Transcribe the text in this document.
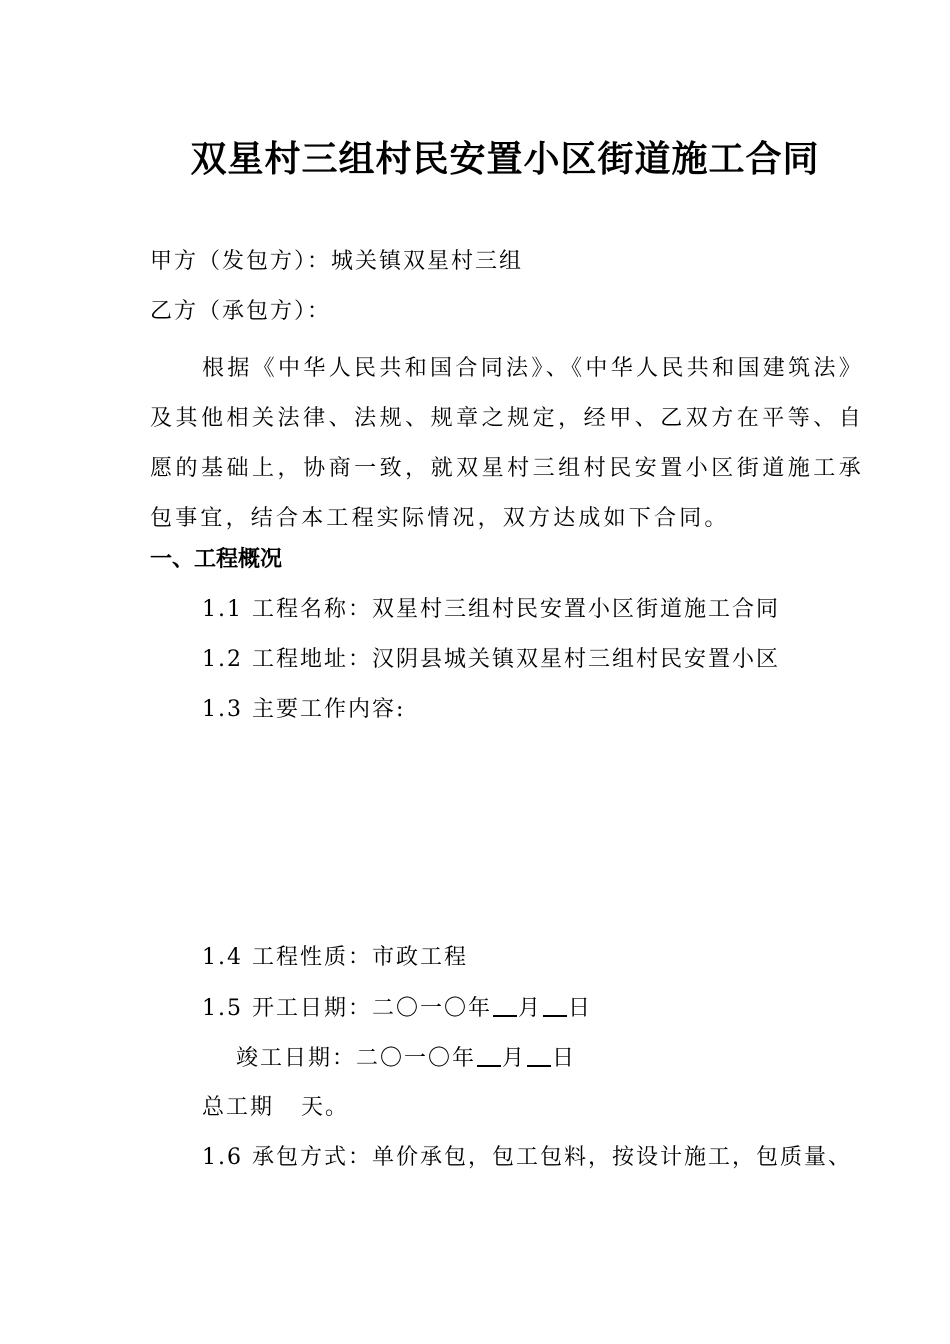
双星村三组村民安置小区街道施工合同
甲方（发包方）：城关镇双星村三组
乙方（承包方）：
根据《中华人民共和国合同法》、《中华人民共和国建筑法》及其他相关法律、法规、规章之规定，经甲、乙双方在平等、自愿的基础上，协商一致，就双星村三组村民安置小区街道施工承包事宜，结合本工程实际情况，双方达成如下合同。
一、工程概况
1.1 工程名称：双星村三组村民安置小区街道施工合同
1.2 工程地址：汉阴县城关镇双星村三组村民安置小区
1.3 主要工作内容:
1.4 工程性质：市政工程
1.5 开工日期：二〇一〇年 月 日
竣工日期：二〇一〇年 月 日
总工期   天。
1.6 承包方式：单价承包，包工包料，按设计施工，包质量、
